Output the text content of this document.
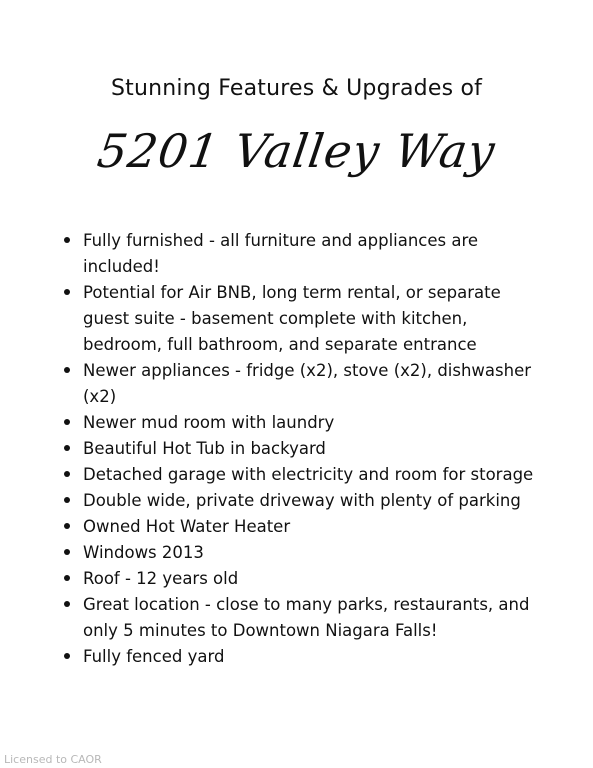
Stunning Features & Upgrades of
5201 Valley Way
Fully furnished - all furniture and appliances are included!
Potential for Air BNB, long term rental, or separate guest suite - basement complete with kitchen, bedroom, full bathroom, and separate entrance
Newer appliances - fridge (x2), stove (x2), dishwasher (x2)
Newer mud room with laundry
Beautiful Hot Tub in backyard
Detached garage with electricity and room for storage
Double wide, private driveway with plenty of parking
Owned Hot Water Heater
Windows 2013
Roof - 12 years old
Great location - close to many parks, restaurants, and only 5 minutes to Downtown Niagara Falls!
Fully fenced yard
Licensed to CAOR
